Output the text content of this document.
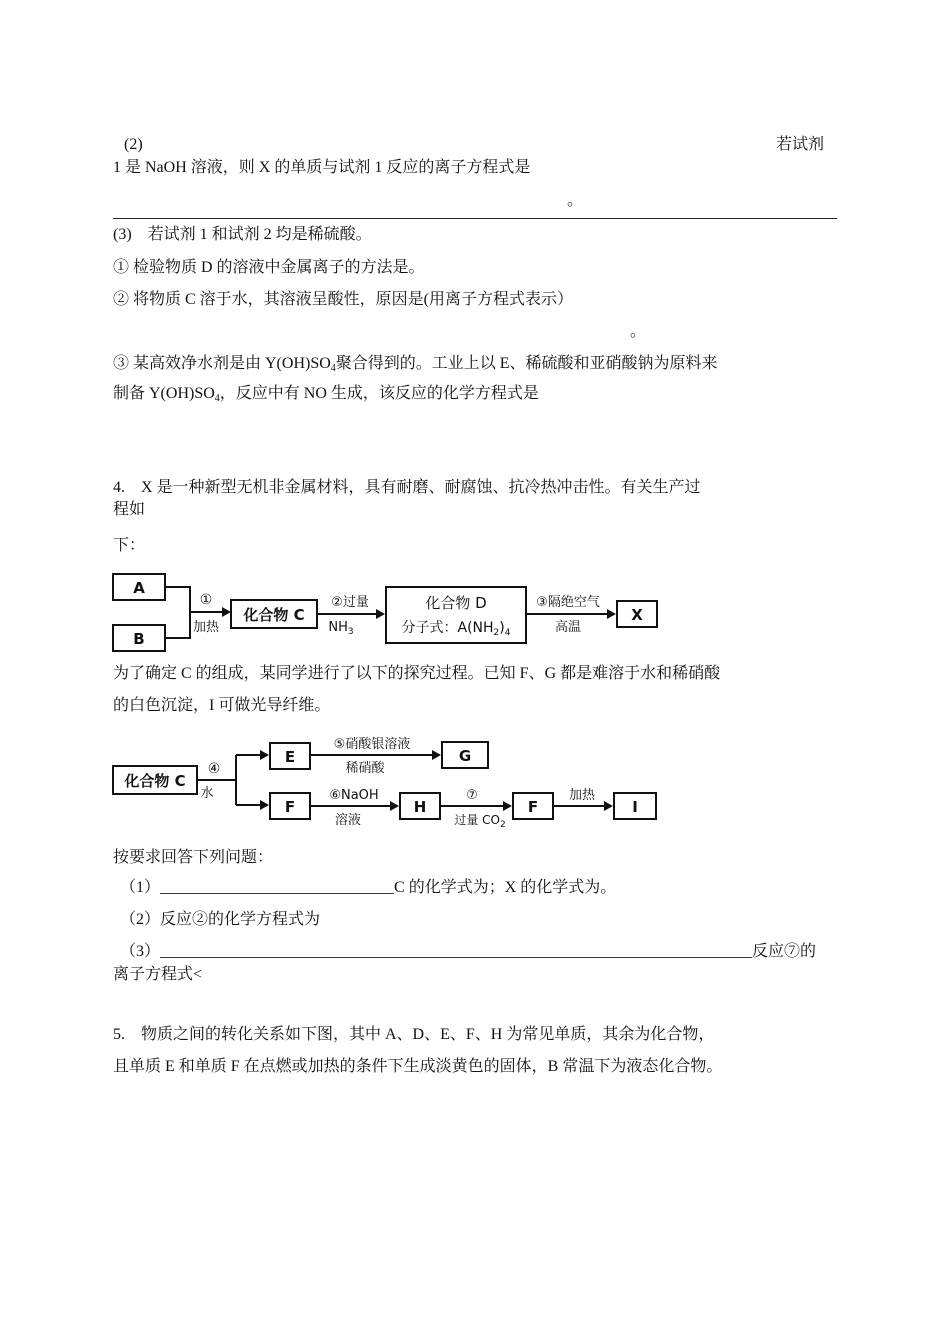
(2)	若试剂
1 是 NaOH 溶液，则 X 的单质与试剂 1 反应的离子方程式是
。
(3)　若试剂 1 和试剂 2 均是稀硫酸。
① 检验物质 D 的溶液中金属离子的方法是。
② 将物质 C 溶于水，其溶液呈酸性，原因是(用离子方程式表示）
。
③ 某高效净水剂是由 $Y(OH)SO_4$聚合得到的。工业上以 E、稀硫酸和亚硝酸钠为原料来
制备 $Y(OH)SO_4$，反应中有 NO 生成，该反应的化学方程式是
4.　X 是一种新型无机非金属材料，具有耐磨、耐腐蚀、抗冷热冲击性。有关生产过
程如
下：
A
B
①
加热
化合物 C
②过量
$NH_3$
化合物 D
分子式：$A(NH_2)_4$
③隔绝空气
高温
X
为了确定 C 的组成，某同学进行了以下的探究过程。已知 F、G 都是难溶于水和稀硝酸
的白色沉淀，I 可做光导纤维。
化合物 C
④
水
E
⑤硝酸银溶液
稀硝酸
G
F
⑥NaOH
溶液
H
⑦
过量 $CO_2$
F
加热
I
按要求回答下列问题：
（1）	C 的化学式为；X 的化学式为。
（2）反应②的化学方程式为
（3）	反应⑦的
离子方程式<
5.　物质之间的转化关系如下图，其中 A、D、E、F、H 为常见单质，其余为化合物，
且单质 E 和单质 F 在点燃或加热的条件下生成淡黄色的固体，B 常温下为液态化合物。
